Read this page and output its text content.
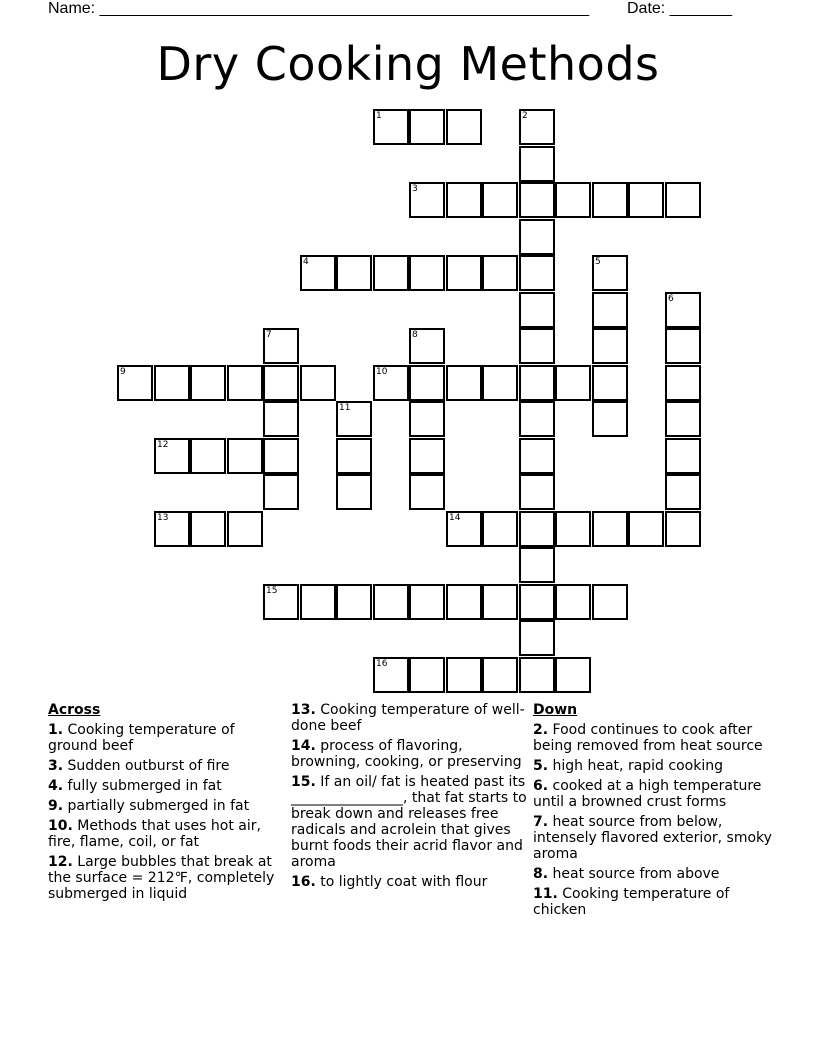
Name: _______________________________________________________ Date: _______
Dry Cooking Methods
1	2
3
4	5
6
7	8
9	10
11
12
13	14
15
16
Across
1. Cooking temperature of ground beef
3. Sudden outburst of fire
4. fully submerged in fat
9. partially submerged in fat
10. Methods that uses hot air, fire, flame, coil, or fat
12. Large bubbles that break at the surface = 212℉, completely submerged in liquid
13. Cooking temperature of well-done beef
14. process of flavoring, browning, cooking, or preserving
15. If an oil/ fat is heated past its ________________, that fat starts to break down and releases free radicals and acrolein that gives burnt foods their acrid flavor and aroma
16. to lightly coat with flour
Down
2. Food continues to cook after being removed from heat source
5. high heat, rapid cooking
6. cooked at a high temperature until a browned crust forms
7. heat source from below, intensely flavored exterior, smoky aroma
8. heat source from above
11. Cooking temperature of chicken
